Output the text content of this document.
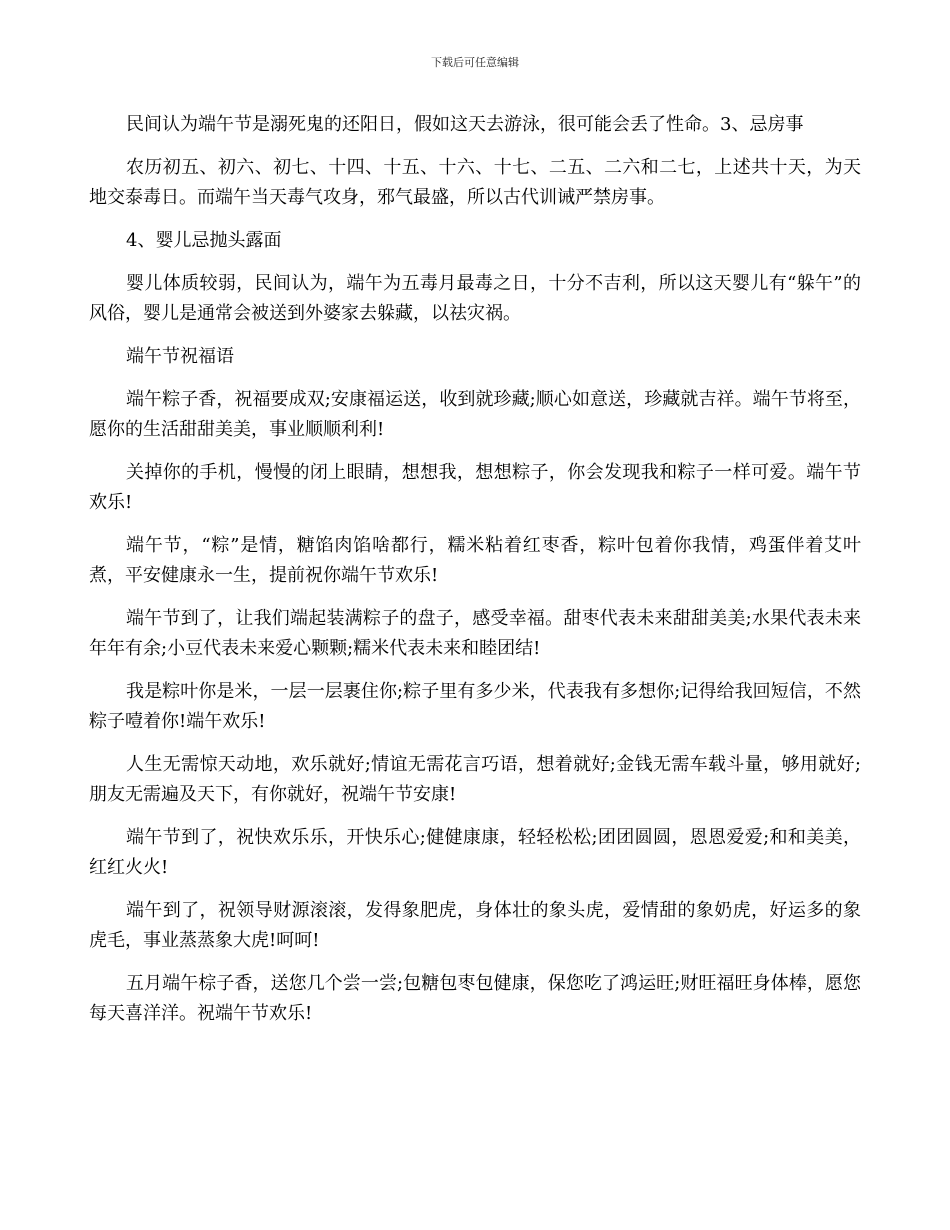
下载后可任意编辑

民间认为端午节是溺死鬼的还阳日，假如这天去游泳，很可能会丢了性命。3、忌房事

农历初五、初六、初七、十四、十五、十六、十七、二五、二六和二七，上述共十天，为天地交泰毒日。而端午当天毒气攻身，邪气最盛，所以古代训诫严禁房事。

4、婴儿忌抛头露面

婴儿体质较弱，民间认为，端午为五毒月最毒之日，十分不吉利，所以这天婴儿有“躲午”的风俗，婴儿是通常会被送到外婆家去躲藏，以祛灾祸。

端午节祝福语

端午粽子香，祝福要成双;安康福运送，收到就珍藏;顺心如意送，珍藏就吉祥。端午节将至，愿你的生活甜甜美美，事业顺顺利利!

关掉你的手机，慢慢的闭上眼睛，想想我，想想粽子，你会发现我和粽子一样可爱。端午节欢乐!

端午节，“粽”是情，糖馅肉馅啥都行，糯米粘着红枣香，粽叶包着你我情，鸡蛋伴着艾叶煮，平安健康永一生，提前祝你端午节欢乐!

端午节到了，让我们端起装满粽子的盘子，感受幸福。甜枣代表未来甜甜美美;水果代表未来年年有余;小豆代表未来爱心颗颗;糯米代表未来和睦团结!

我是粽叶你是米，一层一层裹住你;粽子里有多少米，代表我有多想你;记得给我回短信，不然粽子噎着你!端午欢乐!

人生无需惊天动地，欢乐就好;情谊无需花言巧语，想着就好;金钱无需车载斗量，够用就好;朋友无需遍及天下，有你就好，祝端午节安康!

端午节到了，祝快欢乐乐，开快乐心;健健康康，轻轻松松;团团圆圆，恩恩爱爱;和和美美，红红火火!

端午到了，祝领导财源滚滚，发得象肥虎，身体壮的象头虎，爱情甜的象奶虎，好运多的象虎毛，事业蒸蒸象大虎!呵呵!

五月端午棕子香，送您几个尝一尝;包糖包枣包健康，保您吃了鸿运旺;财旺福旺身体棒，愿您每天喜洋洋。祝端午节欢乐!
